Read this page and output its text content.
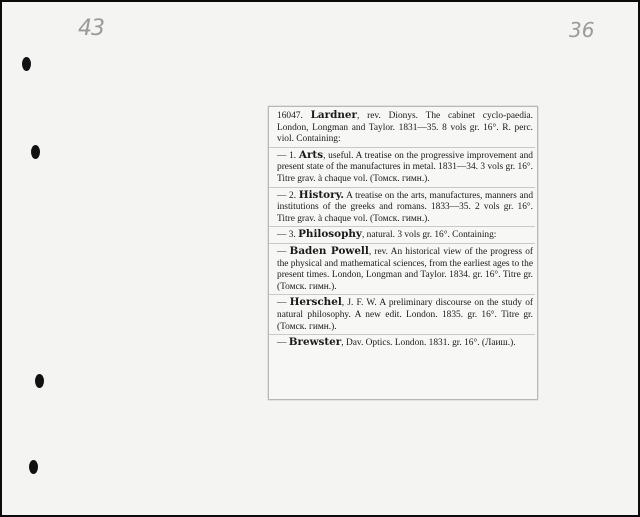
43	36

16047. Lardner, rev. Dionys. The cabinet cyclo-paedia. London, Longman and Taylor. 1831—35. 8 vols gr. 16°. R. perc. viol. Containing:

— 1. Arts, useful. A treatise on the progressive improvement and present state of the manufactures in metal. 1831—34. 3 vols gr. 16°. Titre grav. à chaque vol. (Томск. гимн.).

— 2. History. A treatise on the arts, manufactures, manners and institutions of the greeks and romans. 1833—35. 2 vols gr. 16°. Titre grav. à chaque vol. (Томск. гимн.).

— 3. Philosophy, natural. 3 vols gr. 16°. Containing:

— Baden Powell, rev. An historical view of the progress of the physical and mathematical sciences, from the earliest ages to the present times. London, Longman and Taylor. 1834. gr. 16°. Titre gr. (Томск. гимн.).

— Herschel, J. F. W. A preliminary discourse on the study of natural philosophy. A new edit. London. 1835. gr. 16°. Titre gr. (Томск. гимн.).

— Brewster, Dav. Optics. London. 1831. gr. 16°. (Лаиш.).
